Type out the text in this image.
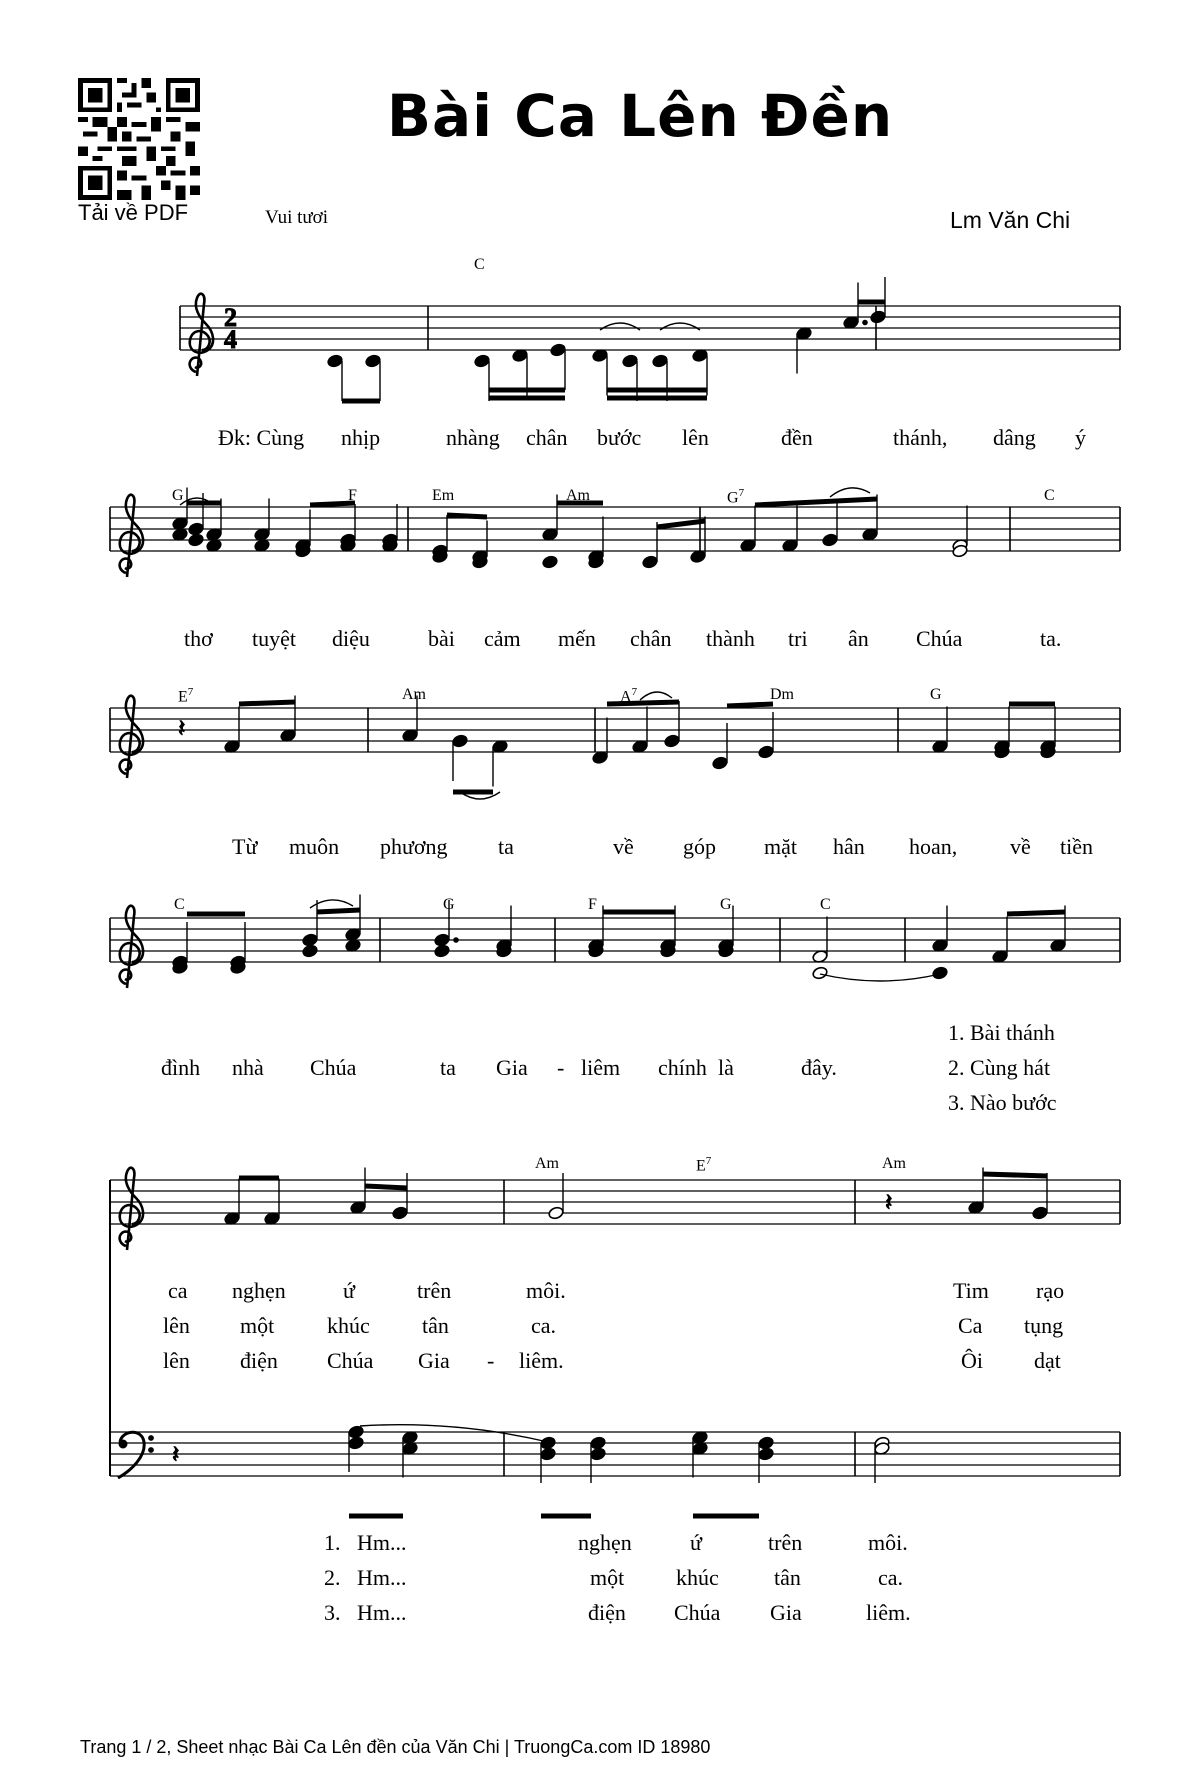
Bài Ca Lên Đền
Tải về PDF	Vui tươi	Lm Văn Chi
2
4
𝄽
𝄽
𝄽
C
G	F	Em	Am	$G^7$	C
$E^7$	Am	$A^7$	Dm	G
C	G	F	G	C
Am	$E^7$	Am
Đk: Cùng nhịp	nhàng chân bước lên	đền	thánh, dâng ý
thơ tuyệt diệu	bài cảm mến chân thành tri ân Chúa	ta.
Từ muôn phương ta	về góp mặt hân hoan, về tiền
đình nhà Chúa	ta Gia - liêm chính là	đây.
1. Bài thánh
2. Cùng hát
3. Nào bước
ca nghẹn	ứ	trên	môi.	Tim rạo
lên một khúc tân	ca.	Ca tụng
lên điện Chúa Gia - liêm.	Ôi dạt
1. Hm...	nghẹn	ứ	trên	môi.
2. Hm...	một khúc	tân	ca.
3. Hm...	điện Chúa Gia	liêm.
Trang 1 / 2, Sheet nhạc Bài Ca Lên đền của Văn Chi | TruongCa.com ID 18980
